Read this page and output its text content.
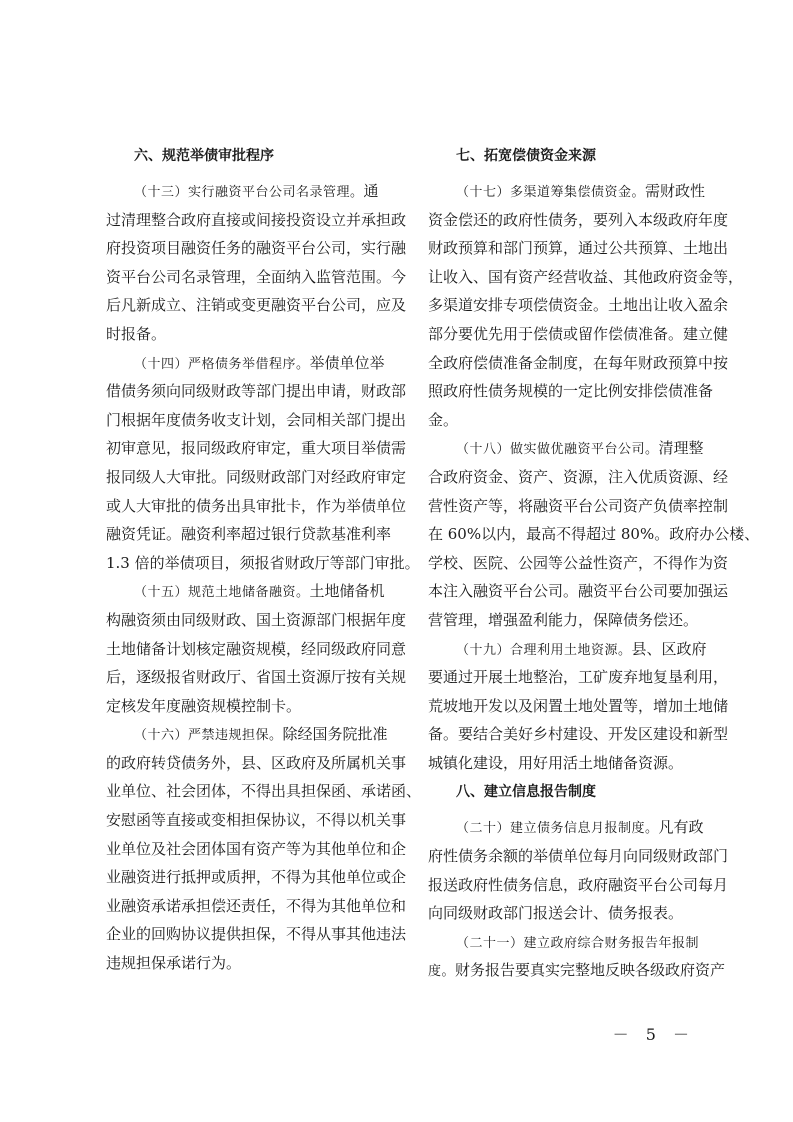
六、规范举债审批程序
（十三）实行融资平台公司名录管理。通
过清理整合政府直接或间接投资设立并承担政
府投资项目融资任务的融资平台公司，实行融
资平台公司名录管理，全面纳入监管范围。今
后凡新成立、注销或变更融资平台公司，应及
时报备。
（十四）严格债务举借程序。举债单位举
借债务须向同级财政等部门提出申请，财政部
门根据年度债务收支计划，会同相关部门提出
初审意见，报同级政府审定，重大项目举债需
报同级人大审批。同级财政部门对经政府审定
或人大审批的债务出具审批卡，作为举债单位
融资凭证。融资利率超过银行贷款基准利率
1.3 倍的举债项目，须报省财政厅等部门审批。
（十五）规范土地储备融资。土地储备机
构融资须由同级财政、国土资源部门根据年度
土地储备计划核定融资规模，经同级政府同意
后，逐级报省财政厅、省国土资源厅按有关规
定核发年度融资规模控制卡。
（十六）严禁违规担保。除经国务院批准
的政府转贷债务外，县、区政府及所属机关事
业单位、社会团体，不得出具担保函、承诺函、
安慰函等直接或变相担保协议，不得以机关事
业单位及社会团体国有资产等为其他单位和企
业融资进行抵押或质押，不得为其他单位或企
业融资承诺承担偿还责任，不得为其他单位和
企业的回购协议提供担保，不得从事其他违法
违规担保承诺行为。
七、拓宽偿债资金来源
（十七）多渠道筹集偿债资金。需财政性
资金偿还的政府性债务，要列入本级政府年度
财政预算和部门预算，通过公共预算、土地出
让收入、国有资产经营收益、其他政府资金等，
多渠道安排专项偿债资金。土地出让收入盈余
部分要优先用于偿债或留作偿债准备。建立健
全政府偿债准备金制度，在每年财政预算中按
照政府性债务规模的一定比例安排偿债准备
金。
（十八）做实做优融资平台公司。清理整
合政府资金、资产、资源，注入优质资源、经
营性资产等，将融资平台公司资产负债率控制
在 60%以内，最高不得超过 80%。政府办公楼、
学校、医院、公园等公益性资产，不得作为资
本注入融资平台公司。融资平台公司要加强运
营管理，增强盈利能力，保障债务偿还。
（十九）合理利用土地资源。县、区政府
要通过开展土地整治，工矿废弃地复垦利用，
荒坡地开发以及闲置土地处置等，增加土地储
备。要结合美好乡村建设、开发区建设和新型
城镇化建设，用好用活土地储备资源。
八、建立信息报告制度
（二十）建立债务信息月报制度。凡有政
府性债务余额的举债单位每月向同级财政部门
报送政府性债务信息，政府融资平台公司每月
向同级财政部门报送会计、债务报表。
（二十一）建立政府综合财务报告年报制
度。财务报告要真实完整地反映各级政府资产
－ 5 －
